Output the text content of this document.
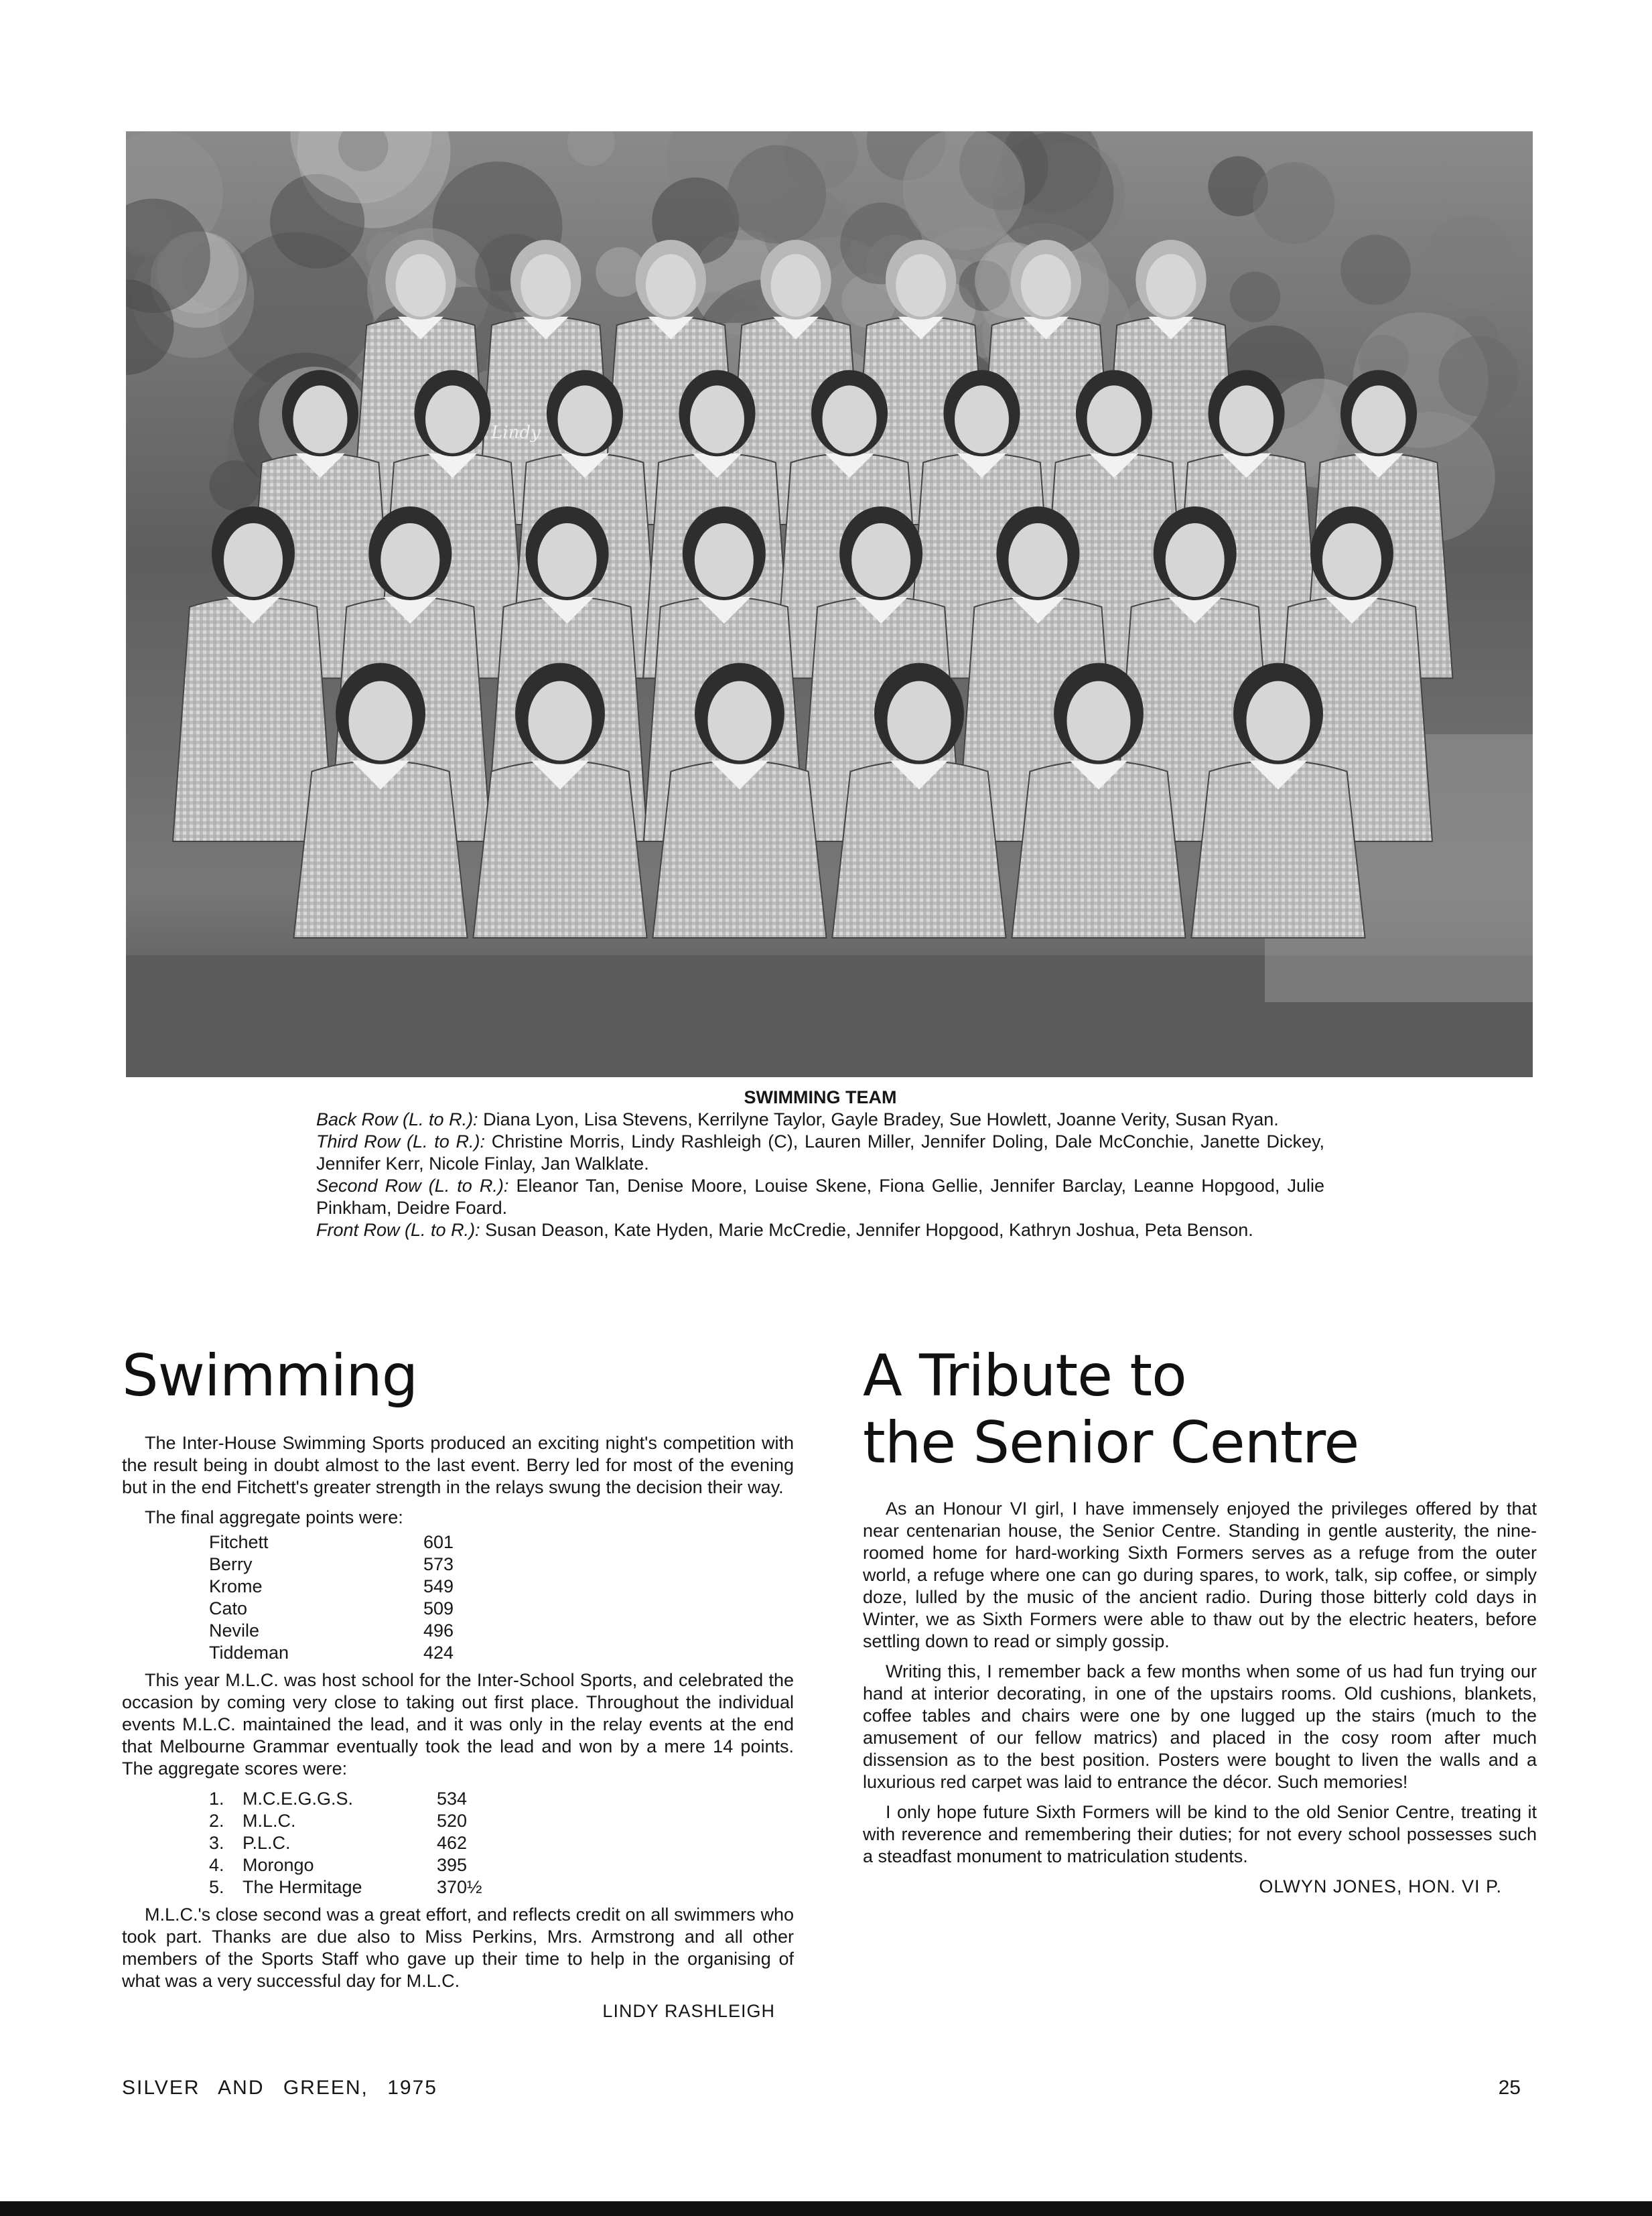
Lindy
SWIMMING TEAM

Back Row (L. to R.): Diana Lyon, Lisa Stevens, Kerrilyne Taylor, Gayle Bradey, Sue Howlett, Joanne Verity, Susan Ryan.

Third Row (L. to R.): Christine Morris, Lindy Rashleigh (C), Lauren Miller, Jennifer Doling, Dale McConchie, Janette Dickey, Jennifer Kerr, Nicole Finlay, Jan Walklate.

Second Row (L. to R.): Eleanor Tan, Denise Moore, Louise Skene, Fiona Gellie, Jennifer Barclay, Leanne Hopgood, Julie Pinkham, Deidre Foard.

Front Row (L. to R.): Susan Deason, Kate Hyden, Marie McCredie, Jennifer Hopgood, Kathryn Joshua, Peta Benson.

Swimming

The Inter-House Swimming Sports produced an exciting night's competition with the result being in doubt almost to the last event. Berry led for most of the evening but in the end Fitchett's greater strength in the relays swung the decision their way.

The final aggregate points were:

Fitchett	601
Berry	573
Krome	549
Cato	509
Nevile	496
Tiddeman	424

This year M.L.C. was host school for the Inter-School Sports, and celebrated the occasion by coming very close to taking out first place. Throughout the individual events M.L.C. maintained the lead, and it was only in the relay events at the end that Melbourne Grammar eventually took the lead and won by a mere 14 points. The aggregate scores were:

1.	M.C.E.G.G.S.	534
2.	M.L.C.	520
3.	P.L.C.	462
4.	Morongo	395
5.	The Hermitage	370½

M.L.C.'s close second was a great effort, and reflects credit on all swimmers who took part. Thanks are due also to Miss Perkins, Mrs. Armstrong and all other members of the Sports Staff who gave up their time to help in the organising of what was a very successful day for M.L.C.

LINDY RASHLEIGH
A Tribute to
the Senior Centre

As an Honour VI girl, I have immensely enjoyed the privileges offered by that near centenarian house, the Senior Centre. Standing in gentle austerity, the nine-roomed home for hard-working Sixth Formers serves as a refuge from the outer world, a refuge where one can go during spares, to work, talk, sip coffee, or simply doze, lulled by the music of the ancient radio. During those bitterly cold days in Winter, we as Sixth Formers were able to thaw out by the electric heaters, before settling down to read or simply gossip.

Writing this, I remember back a few months when some of us had fun trying our hand at interior decorating, in one of the upstairs rooms. Old cushions, blankets, coffee tables and chairs were one by one lugged up the stairs (much to the amusement of our fellow matrics) and placed in the cosy room after much dissension as to the best position. Posters were bought to liven the walls and a luxurious red carpet was laid to entrance the décor. Such memories!

I only hope future Sixth Formers will be kind to the old Senior Centre, treating it with reverence and remembering their duties; for not every school possesses such a steadfast monument to matriculation students.

OLWYN JONES, HON. VI P.
SILVER AND GREEN, 1975	25
